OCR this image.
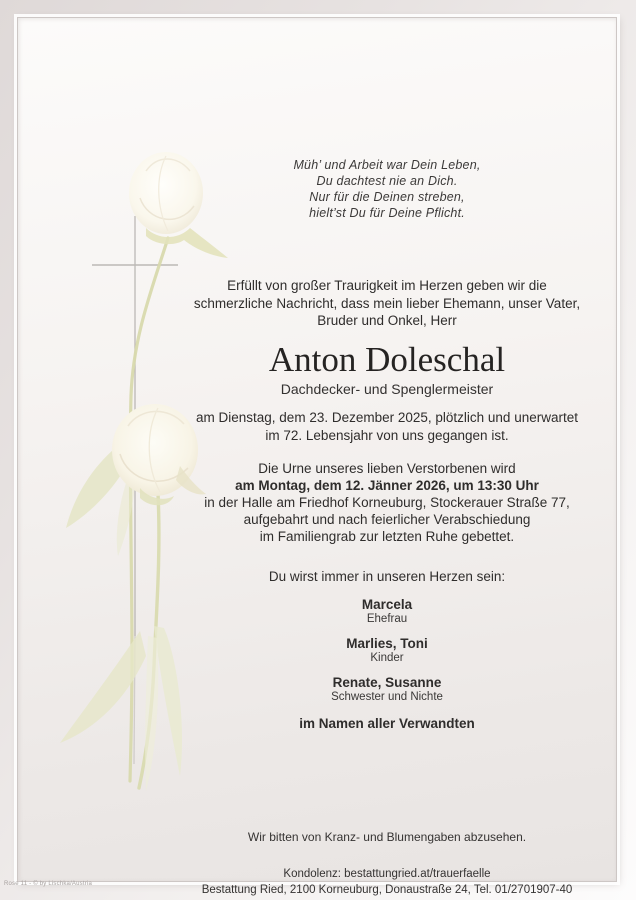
Müh’ und Arbeit war Dein Leben,
Du dachtest nie an Dich.
Nur für die Deinen streben,
hielt’st Du für Deine Pflicht.
Erfüllt von großer Traurigkeit im Herzen geben wir die
schmerzliche Nachricht, dass mein lieber Ehemann, unser Vater,
Bruder und Onkel, Herr
Anton Doleschal
Dachdecker- und Spenglermeister
am Dienstag, dem 23. Dezember 2025, plötzlich und unerwartet
im 72. Lebensjahr von uns gegangen ist.
Die Urne unseres lieben Verstorbenen wird
am Montag, dem 12. Jänner 2026, um 13:30 Uhr
in der Halle am Friedhof Korneuburg, Stockerauer Straße 77,
aufgebahrt und nach feierlicher Verabschiedung
im Familiengrab zur letzten Ruhe gebettet.
Du wirst immer in unseren Herzen sein:
Marcela
Ehefrau
Marlies, Toni
Kinder
Renate, Susanne
Schwester und Nichte
im Namen aller Verwandten
Wir bitten von Kranz- und Blumengaben abzusehen.
Kondolenz: bestattungried.at/trauerfaelle
Bestattung Ried, 2100 Korneuburg, Donaustraße 24, Tel. 01/2701907-40
Rose 11 - © by Lischka/Austria
